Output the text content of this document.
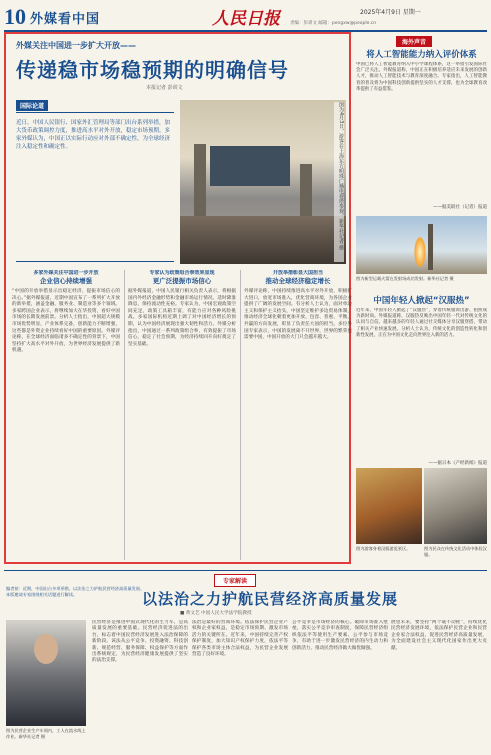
10 外媒看中国	人民日报	2025年4月9日 星期一
责编：彭训文 邮箱：pengxw@people.cn
外媒关注中国进一步扩大开放——
传递稳市场稳预期的明确信号
本报记者 彭训文
国际论道
近日，中国人民银行、国家外汇管理局等部门出台系列举措，加大货币政策调控力度，推进高水平对外开放，稳定市场预期。多家外媒认为，中国正以实际行动应对外部不确定性，为全球经济注入稳定性和确定性。	图为4月3日，游客在上海东方明珠广播电视塔参观。新华社记者 摄
多家外媒关注中国进一步开放
企业信心持续增强
“中国的开放举措显示出稳定经济、提振市场信心的决心。”据外媒报道，近期中国宣布了一系列扩大开放的新举措，涵盖金融、服务业、制造业等多个领域。多家跨国企业表示，将继续加大在华投资，看好中国市场的长期发展前景。分析人士指出，中国超大规模市场优势明显，产业体系完备，创新能力不断增强，这些都是外资企业持续看好中国的重要原因。外媒评论称，在全球经济面临诸多不确定性的背景下，中国坚持扩大高水平对外开放，为世界经济发展提供了新机遇。
专家认为政策组合拳效果显现
更广泛提振市场信心
据外媒报道，中国人民银行相关负责人表示，将根据国内外经济金融形势和金融市场运行情况，适时降准降息，保持流动性充裕。专家认为，中国宏观政策空间充足，政策工具箱丰富，有能力应对各种风险挑战。多家国际机构近期上调了对中国经济增长的预期，认为中国经济展现出强大韧性和活力。外媒分析指出，中国通过一系列政策组合拳，有效提振了市场信心，稳定了社会预期，为经济持续回升向好奠定了坚实基础。
开放举措彰显大国担当
推动全球经济稳定增长
外媒评论称，中国持续推进高水平对外开放，积极扩大进口，放宽市场准入，优化营商环境，为各国企业提供了广阔的发展空间。有分析人士认为，面对单边主义和保护主义抬头，中国坚定维护多边贸易体制，推动经济全球化朝着更加开放、包容、普惠、平衡、共赢的方向发展，彰显了负责任大国的担当。多位外国专家表示，中国的发展离不开世界，世界的繁荣也需要中国，中国开放的大门只会越开越大。
海外声音
将人工智能能力纳入评价体系
中国已将人工智能教育纳入中小学课程体系，这一举措引发国际社会广泛关注。外媒报道称，中国正在积极培养适应未来发展的创新人才，推动人工智能技术与教育深度融合。专家指出，人工智能教育的普及将为中国科技创新提供坚实的人才支撑，也为全球教育改革提供了有益借鉴。
——据美联社（记者）报道
图为新型运载火箭在发射场成功发射。新华社记者 摄
中国年轻人掀起“汉服热”
近年来，中国年轻人掀起了“汉服热”，穿着传统服饰出游、拍照成为新时尚。外媒报道称，汉服热反映出中国年轻一代对传统文化的认同与自信。越来越多的年轻人通过社交媒体分享汉服穿搭，带动了相关产业快速发展。分析人士认为，传统文化的创造性转化和创新性发展，正在为中国文化走向世界注入新的活力。
——据日本《产经新闻》报道
图为游客身着汉服游览景区。	图为民众在传统文化活动中体验汉服。
专家解读
编者按：近期，中国出台多项举措，以法治之力护航民营经济高质量发展。本版邀请专家围绕相关话题进行解读。	以法治之力护航民营经济高质量发展
■ 黄文艺 中国人民大学法学院教授
图为民营企业生产车间内，工人在流水线上作业。新华社记者 摄
民营经济是推进中国式现代化的生力军，是高质量发展的重要基础。民营经济促进法的出台，标志着中国民营经济发展进入法治保障的新阶段。该法从公平竞争、投资融资、科技创新、规范经营、服务保障、权益保护等方面作出系统规定，为民营经济健康发展提供了坚实的法治支撑。
法治是最好的营商环境。依法保护民营企业产权和企业家权益，是稳定市场预期、激发市场活力的关键所在。近年来，中国持续完善产权保护制度，加大知识产权保护力度，依法平等保护各类市场主体合法权益，为民营企业发展营造了良好环境。
公平竞争是市场经济的核心。破除市场准入壁垒，落实公平竞争审查制度，保障民营经济组织依法平等使用生产要素、公平参与市场竞争，有助于进一步激发民营经济的内生动力和创新活力，推动民营经济做大做优做强。
展望未来，要坚持“两个毫不动摇”，持续优化民营经济发展环境，依法保护民营企业和民营企业家合法权益，促进民营经济高质量发展，为全面建设社会主义现代化国家作出更大贡献。
